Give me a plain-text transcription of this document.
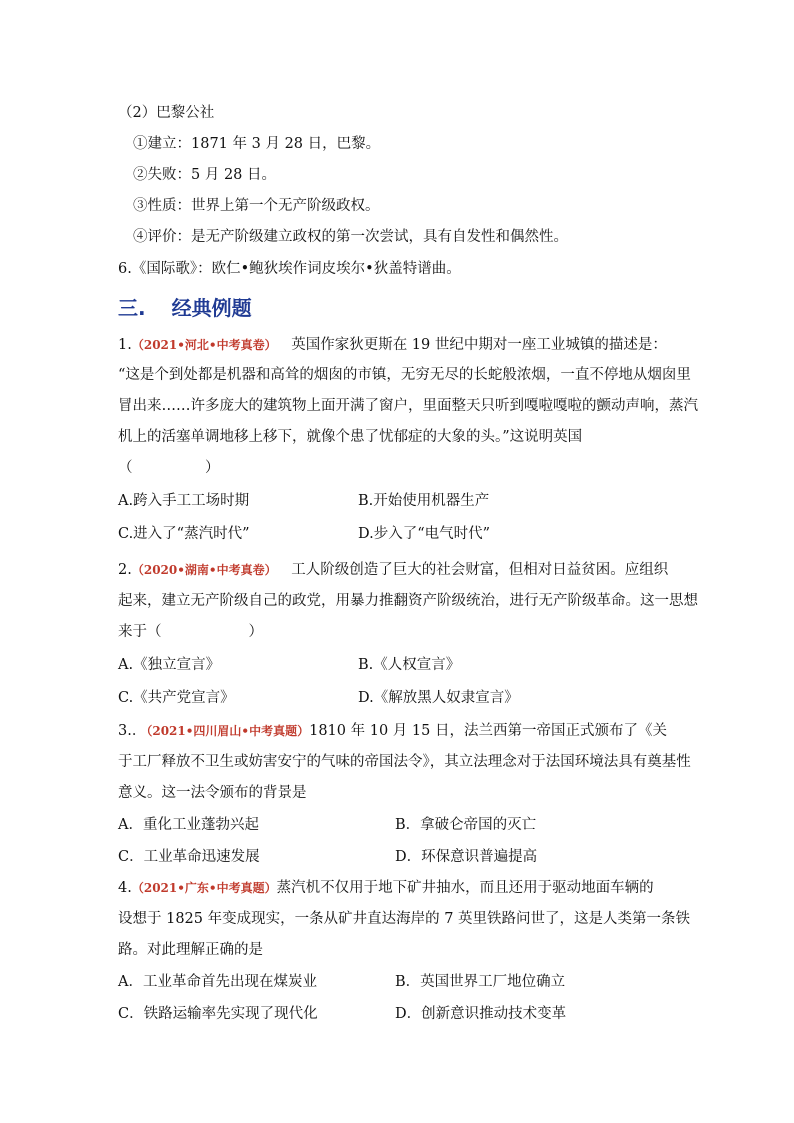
（2）巴黎公社
①建立：1871 年 3 月 28 日，巴黎。
②失败：5 月 28 日。
③性质：世界上第一个无产阶级政权。
④评价：是无产阶级建立政权的第一次尝试，具有自发性和偶然性。
6.《国际歌》：欧仁•鲍狄埃作词皮埃尔•狄盖特谱曲。
三. 经典例题
1.（2021•河北•中考真卷） 英国作家狄更斯在 19 世纪中期对一座工业城镇的描述是：
“这是个到处都是机器和高耸的烟囱的市镇，无穷无尽的长蛇般浓烟，一直不停地从烟囱里
冒出来……许多庞大的建筑物上面开满了窗户，里面整天只听到嘎啦嘎啦的颤动声响，蒸汽
机上的活塞单调地移上移下，就像个患了忧郁症的大象的头。”这说明英国
（　　　　　）
A.跨入手工工场时期	B.开始使用机器生产
C.进入了“蒸汽时代”	D.步入了“电气时代”
2.（2020•湖南•中考真卷） 工人阶级创造了巨大的社会财富，但相对日益贫困。应组织
起来，建立无产阶级自己的政党，用暴力推翻资产阶级统治，进行无产阶级革命。这一思想
来于（　　　　　　）
A.《独立宣言》	B.《人权宣言》
C.《共产党宣言》	D.《解放黑人奴隶宣言》
3.．（2021•四川眉山•中考真题）1810 年 10 月 15 日，法兰西第一帝国正式颁布了《关
于工厂释放不卫生或妨害安宁的气味的帝国法令》，其立法理念对于法国环境法具有奠基性
意义。这一法令颁布的背景是
A．重化工业蓬勃兴起	B．拿破仑帝国的灭亡
C．工业革命迅速发展	D．环保意识普遍提高
4.（2021•广东•中考真题）蒸汽机不仅用于地下矿井抽水，而且还用于驱动地面车辆的
设想于 1825 年变成现实，一条从矿井直达海岸的 7 英里铁路问世了，这是人类第一条铁
路。对此理解正确的是
A．工业革命首先出现在煤炭业	B．英国世界工厂地位确立
C．铁路运输率先实现了现代化	D．创新意识推动技术变革
